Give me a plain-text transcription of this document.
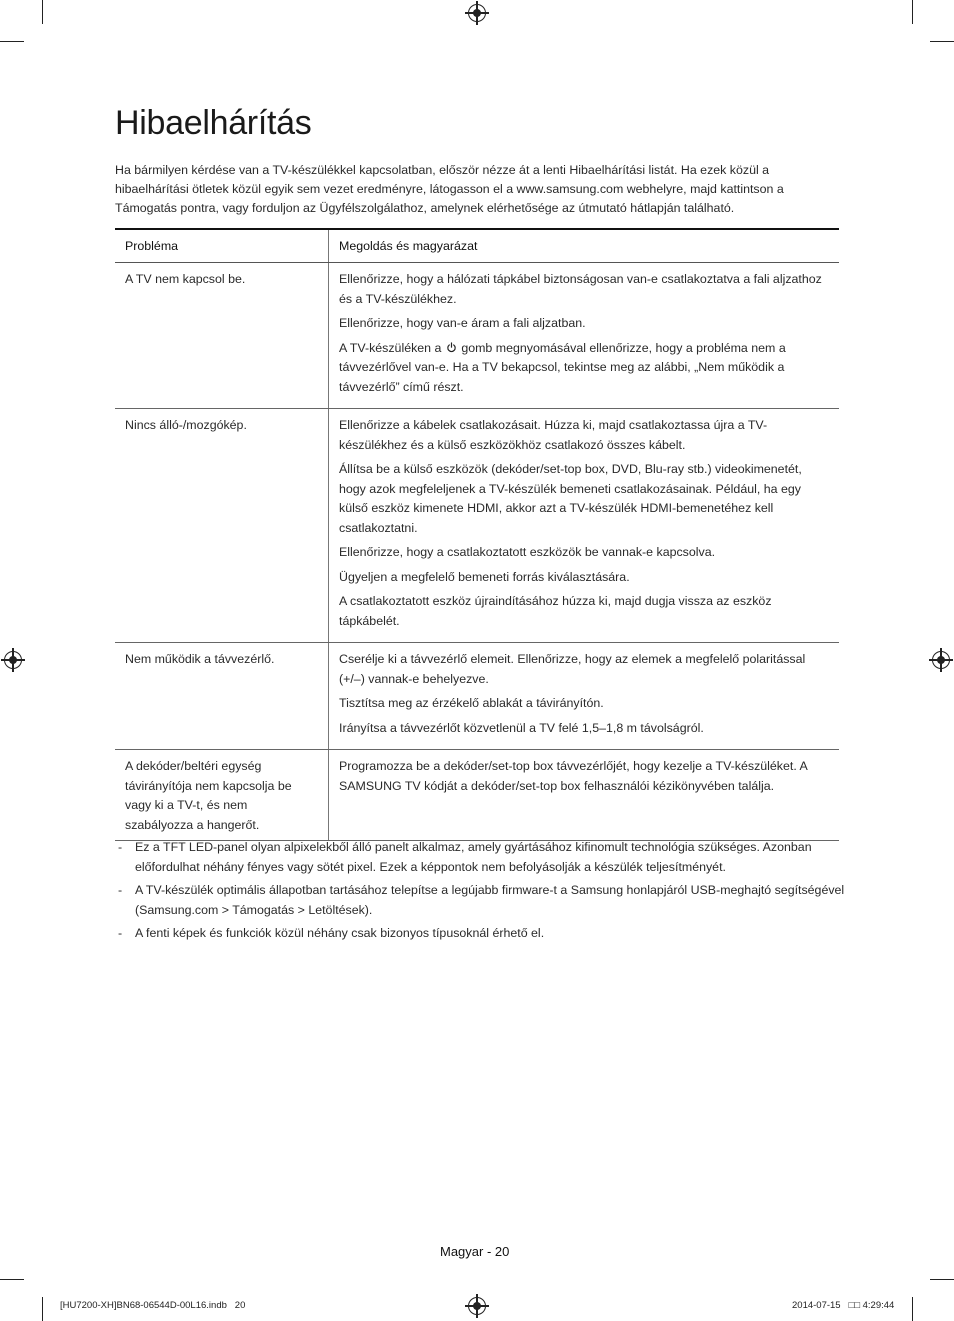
Hibaelhárítás

Ha bármilyen kérdése van a TV-készülékkel kapcsolatban, először nézze át a lenti Hibaelhárítási listát. Ha ezek közül a hibaelhárítási ötletek közül egyik sem vezet eredményre, látogasson el a www.samsung.com webhelyre, majd kattintson a Támogatás pontra, vagy forduljon az Ügyfélszolgálathoz, amelynek elérhetősége az útmutató hátlapján található.

Probléma	Megoldás és magyarázat
A TV nem kapcsol be.	Ellenőrizze, hogy a hálózati tápkábel biztonságosan van-e csatlakoztatva a fali aljzathoz és a TV-készülékhez.

Ellenőrizze, hogy van-e áram a fali aljzatban.

A TV-készüléken a gomb megnyomásával ellenőrizze, hogy a probléma nem a távvezérlővel van-e. Ha a TV bekapcsol, tekintse meg az alábbi, „Nem működik a távvezérlő” című részt.

Nincs álló-/mozgókép.	Ellenőrizze a kábelek csatlakozásait. Húzza ki, majd csatlakoztassa újra a TV-készülékhez és a külső eszközökhöz csatlakozó összes kábelt.

Állítsa be a külső eszközök (dekóder/set-top box, DVD, Blu-ray stb.) videokimenetét, hogy azok megfeleljenek a TV-készülék bemeneti csatlakozásainak. Például, ha egy külső eszköz kimenete HDMI, akkor azt a TV-készülék HDMI-bemenetéhez kell csatlakoztatni.

Ellenőrizze, hogy a csatlakoztatott eszközök be vannak-e kapcsolva.

Ügyeljen a megfelelő bemeneti forrás kiválasztására.

A csatlakoztatott eszköz újraindításához húzza ki, majd dugja vissza az eszköz tápkábelét.

Nem működik a távvezérlő.	Cserélje ki a távvezérlő elemeit. Ellenőrizze, hogy az elemek a megfelelő polaritással (+/–) vannak-e behelyezve.

Tisztítsa meg az érzékelő ablakát a távirányítón.

Irányítsa a távvezérlőt közvetlenül a TV felé 1,5–1,8 m távolságról.

A dekóder/beltéri egység távirányítója nem kapcsolja be vagy ki a TV-t, és nem szabályozza a hangerőt.	Programozza be a dekóder/set-top box távvezérlőjét, hogy kezelje a TV-készüléket. A SAMSUNG TV kódját a dekóder/set-top box felhasználói kézikönyvében találja.

- Ez a TFT LED-panel olyan alpixelekből álló panelt alkalmaz, amely gyártásához kifinomult technológia szükséges. Azonban előfordulhat néhány fényes vagy sötét pixel. Ezek a képpontok nem befolyásolják a készülék teljesítményét.
- A TV-készülék optimális állapotban tartásához telepítse a legújabb firmware-t a Samsung honlapjáról USB-meghajtó segítségével (Samsung.com > Támogatás > Letöltések).
- A fenti képek és funkciók közül néhány csak bizonyos típusoknál érhető el.
Magyar - 20
[HU7200-XH]BN68-06544D-00L16.indb   20	2014-07-15   □□ 4:29:44
